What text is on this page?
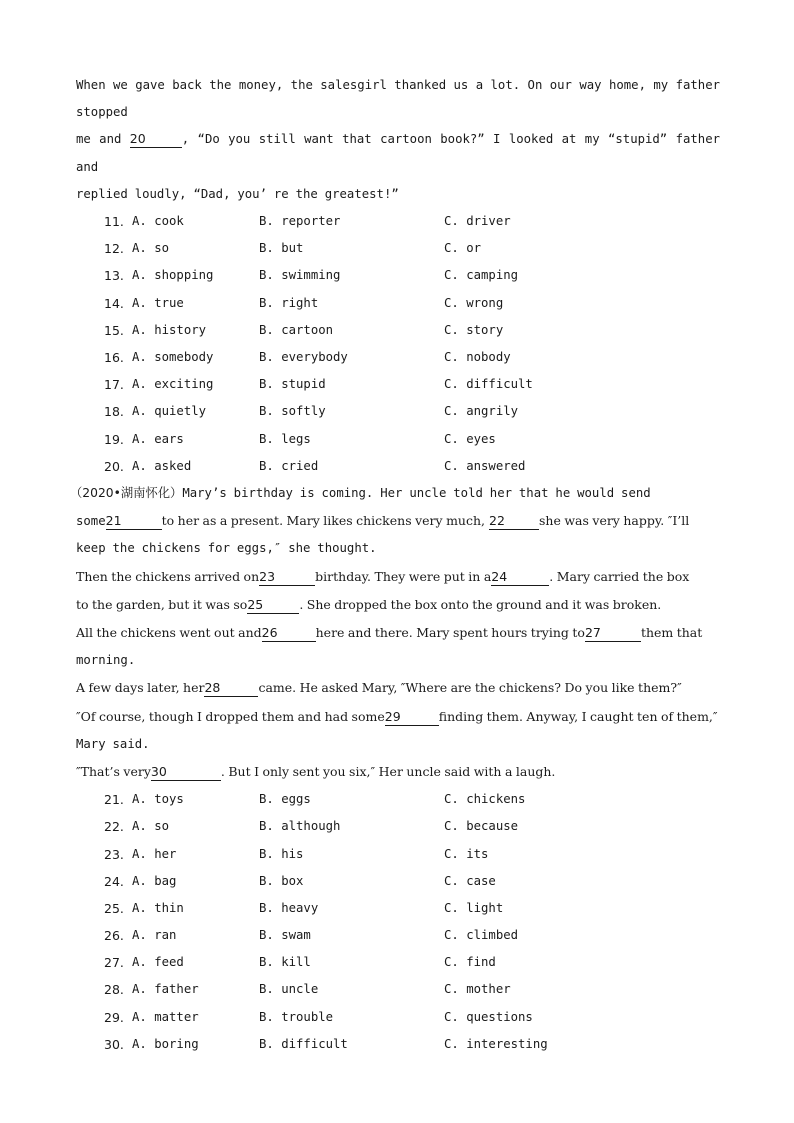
When we gave back the money, the salesgirl thanked us a lot. On our way home, my father stopped

me and 20	, “Do you still want that cartoon book?” I looked at my “stupid” father and

replied loudly, “Dad, you’ re the greatest!”

11. A. cook	B. reporter	C. driver
12. A. so	B. but	C. or
13. A. shopping	B. swimming	C. camping
14. A. true	B. right	C. wrong
15. A. history	B. cartoon	C. story
16. A. somebody	B. everybody	C. nobody
17. A. exciting	B. stupid	C. difficult
18. A. quietly	B. softly	C. angrily
19. A. ears	B. legs	C. eyes
20. A. asked	B. cried	C. answered

（2020•湖南怀化）Mary’s birthday is coming. Her uncle told her that he would send

some21	to her as a present. Mary likes chickens very much, 22	she was very happy. ″I’ll

keep the chickens for eggs,″ she thought.

Then the chickens arrived on23	birthday. They were put in a24	. Mary carried the box

to the garden, but it was so25	. She dropped the box onto the ground and it was broken.

All the chickens went out and26	here and there. Mary spent hours trying to27	them that

morning.

A few days later, her28	came. He asked Mary, ″Where are the chickens? Do you like them?″

″Of course, though I dropped them and had some29	finding them. Anyway, I caught ten of them,″

Mary said.

″That’s very30	. But I only sent you six,″ Her uncle said with a laugh.

21. A. toys	B. eggs	C. chickens
22. A. so	B. although	C. because
23. A. her	B. his	C. its
24. A. bag	B. box	C. case
25. A. thin	B. heavy	C. light
26. A. ran	B. swam	C. climbed
27. A. feed	B. kill	C. find
28. A. father	B. uncle	C. mother
29. A. matter	B. trouble	C. questions
30. A. boring	B. difficult	C. interesting
